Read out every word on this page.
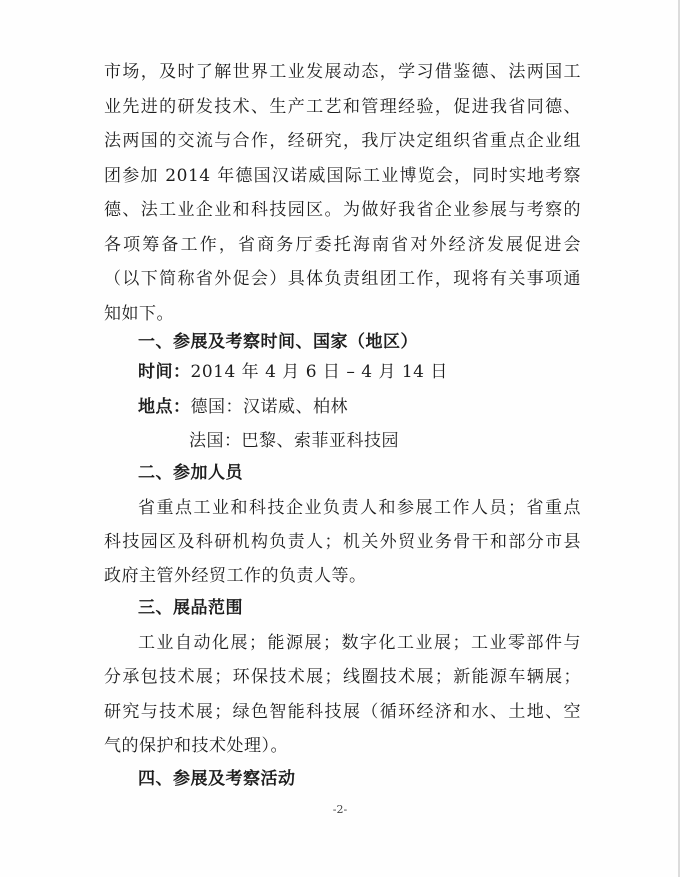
市场，及时了解世界工业发展动态，学习借鉴德、法两国工
业先进的研发技术、生产工艺和管理经验，促进我省同德、
法两国的交流与合作，经研究，我厅决定组织省重点企业组
团参加 2014 年德国汉诺威国际工业博览会，同时实地考察
德、法工业企业和科技园区。为做好我省企业参展与考察的
各项筹备工作，省商务厅委托海南省对外经济发展促进会
（以下简称省外促会）具体负责组团工作，现将有关事项通
知如下。
一、参展及考察时间、国家（地区）
时间：2014 年 4 月 6 日 – 4 月 14 日
地点：德国：汉诺威、柏林
法国：巴黎、索菲亚科技园
二、参加人员
省重点工业和科技企业负责人和参展工作人员；省重点
科技园区及科研机构负责人；机关外贸业务骨干和部分市县
政府主管外经贸工作的负责人等。
三、展品范围
工业自动化展；能源展；数字化工业展；工业零部件与
分承包技术展；环保技术展；线圈技术展；新能源车辆展；
研究与技术展；绿色智能科技展（循环经济和水、土地、空
气的保护和技术处理）。
四、参展及考察活动
-2-
